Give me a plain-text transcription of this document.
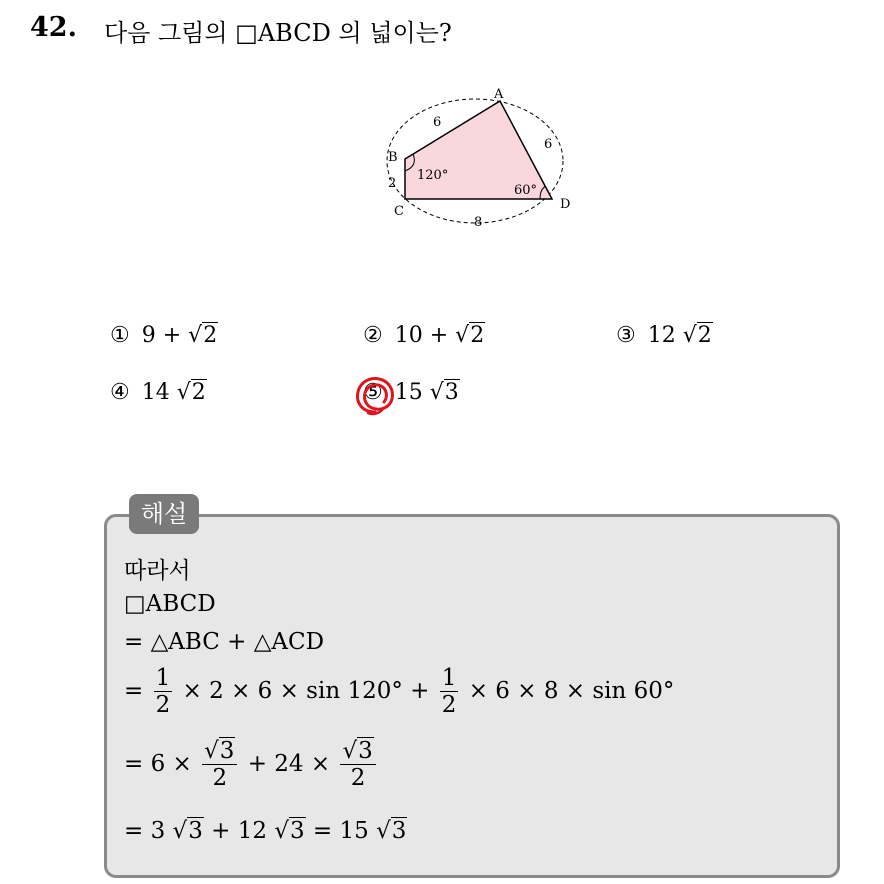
42. 다음 그림의 □ABCD 의 넓이는?
A
B
C	D
6
6
2
8
120°
60°
① 9 + √2	② 10 + √2	③ 12 √2
④ 14 √2	⑤ 15 √3
해설
따라서
□ABCD
= △ABC + △ACD
= $\frac{1}{2} \times 2 \times 6 \times \sin 120^\circ + \frac{1}{2} \times 6 \times 8 \times \sin 60^\circ$
= $6 \times \frac{√3}{2} + 24 \times \frac{√3}{2}$
= 3 √3 + 12 √3 = 15 √3
